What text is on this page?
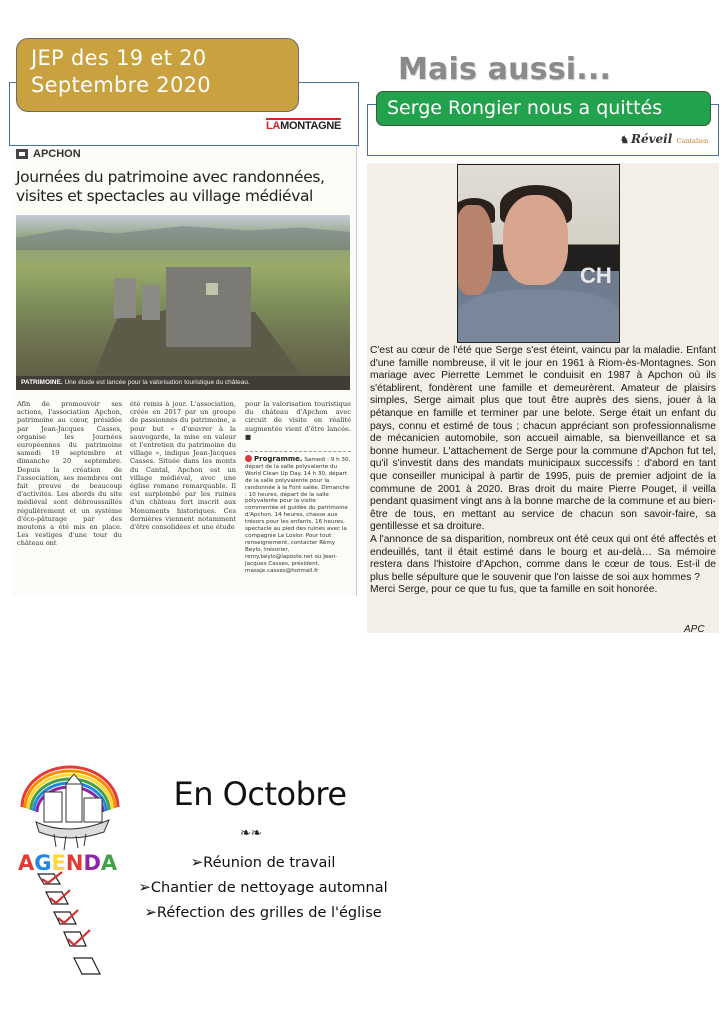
JEP des 19 et 20
Septembre 2020
LAMONTAGNE
APCHON
Journées du patrimoine avec randonnées, visites et spectacles au village médiéval
PATRIMOINE. Une étude est lancée pour la valorisation touristique du château.
Afin de promouvoir ses actions, l'association Apchon, patrimoine au cœur, présidée par Jean-Jacques Casses, organise les Journées européennes du patrimoine samedi 19 septembre et dimanche 20 septembre. Depuis la création de l'association, ses membres ont fait preuve de beaucoup d'activités. Les abords du site médiéval sont débroussaillés régulièrement et un système d'éco-pâturage par des moutons a été mis en place. Les vestiges d'une tour du château ont
été remis à jour. L'association, créée en 2017 par un groupe de passionnés du patrimoine, a pour but « d'œuvrer à la sauvegarde, la mise en valeur et l'entretien du patrimoine du village », indique Jean-Jacques Casses. Située dans les monts du Cantal, Apchon est un village médiéval, avec une église romane remarquable. Il est surplombé par les ruines d'un château fort inscrit aux Monuments historiques. Ces dernières viennent notamment d'être consolidées et une étude
pour la valorisation touristique du château d'Apchon avec circuit de visite en réalité augmentée vient d'être lancée. ■
Programme. Samedi : 9 h 30, départ de la salle polyvalente du World Clean Up Day. 14 h 30, départ de la salle polyvalente pour la randonnée à la Font salée. Dimanche : 10 heures, départ de la salle polyvalente pour la visite commentée et guidée du patrimoine d'Apchon. 14 heures, chasse aux trésors pour les enfants. 16 heures, spectacle au pied des ruines avec la compagnie Le Loslor. Pour tout renseignement, contacter Rémy Beylo, trésorier, remy.beylo@laposte.net ou Jean-Jacques Casses, président, masaje.casses@hotmail.fr
Mais aussi...
Serge Rongier nous a quittés
♞ Réveil Cantalien
CH

C'est au cœur de l'été que Serge s'est éteint, vaincu par la maladie. Enfant d'une famille nombreuse, il vit le jour en 1961 à Riom-ès-Montagnes. Son mariage avec Pierrette Lemmet le conduisit en 1987 à Apchon où ils s'établirent, fondèrent une famille et demeurèrent. Amateur de plaisirs simples, Serge aimait plus que tout être auprès des siens, jouer à la pétanque en famille et terminer par une belote. Serge était un enfant du pays, connu et estimé de tous ; chacun appréciant son professionnalisme de mécanicien automobile, son accueil aimable, sa bienveillance et sa bonne humeur. L'attachement de Serge pour la commune d'Apchon fut tel, qu'il s'investit dans des mandats municipaux successifs : d'abord en tant que conseiller municipal à partir de 1995, puis de premier adjoint de la commune de 2001 à 2020. Bras droit du maire Pierre Pouget, il veilla pendant quasiment vingt ans à la bonne marche de la commune et au bien-être de tous, en mettant au service de chacun son savoir-faire, sa gentillesse et sa droiture.

A l'annonce de sa disparition, nombreux ont été ceux qui ont été affectés et endeuillés, tant il était estimé dans le bourg et au-delà… Sa mémoire restera dans l'histoire d'Apchon, comme dans le cœur de tous. Est-il de plus belle sépulture que le souvenir que l'on laisse de soi aux hommes ?

Merci Serge, pour ce que tu fus, que ta famille en soit honorée.

APC
AGENDA
En Octobre
❧❧
➢Réunion de travail
➢Chantier de nettoyage automnal
➢Réfection des grilles de l'église
